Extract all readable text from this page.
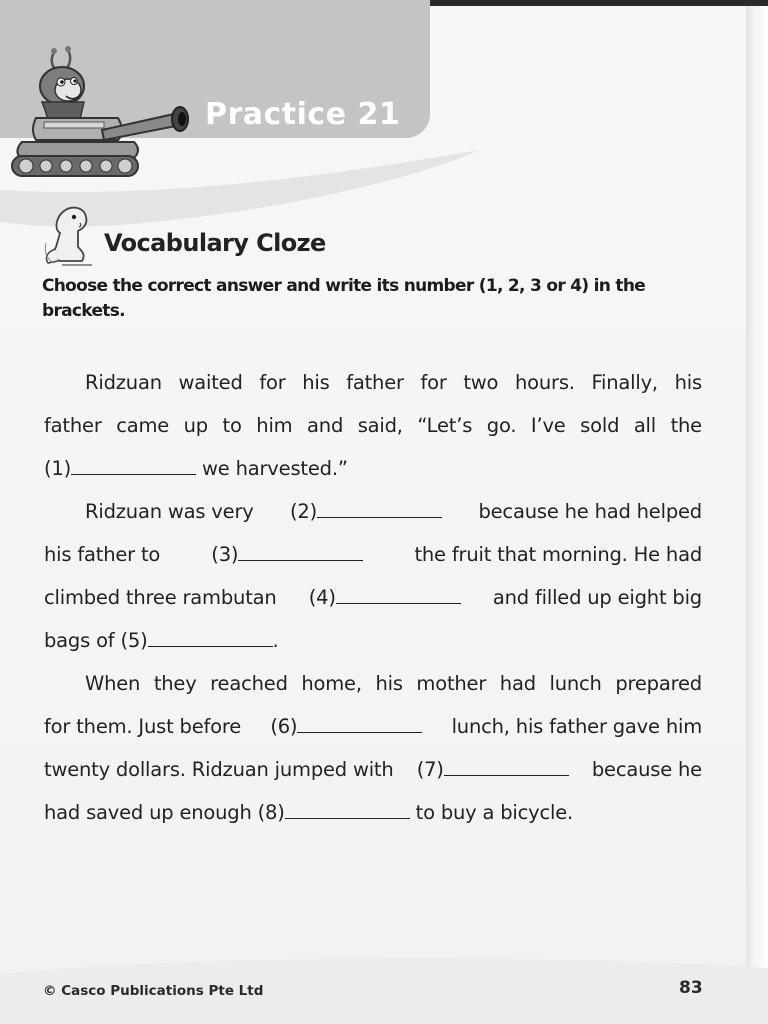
Practice 21
Vocabulary Cloze
Choose the correct answer and write its number (1, 2, 3 or 4) in the brackets.
Ridzuan waited for his father for two hours. Finally, his
father came up to him and said, “Let’s go. I’ve sold all the
(1)	we harvested.”
Ridzuan was very (2)	because he had helped
his father to	(3)	the fruit that morning. He had
climbed three rambutan (4)	and filled up eight big
bags of (5)	.
When they reached home, his mother had lunch prepared
for them. Just before (6)	lunch, his father gave him
twenty dollars. Ridzuan jumped with (7)	because he
had saved up enough (8)	to buy a bicycle.
© Casco Publications Pte Ltd	83
